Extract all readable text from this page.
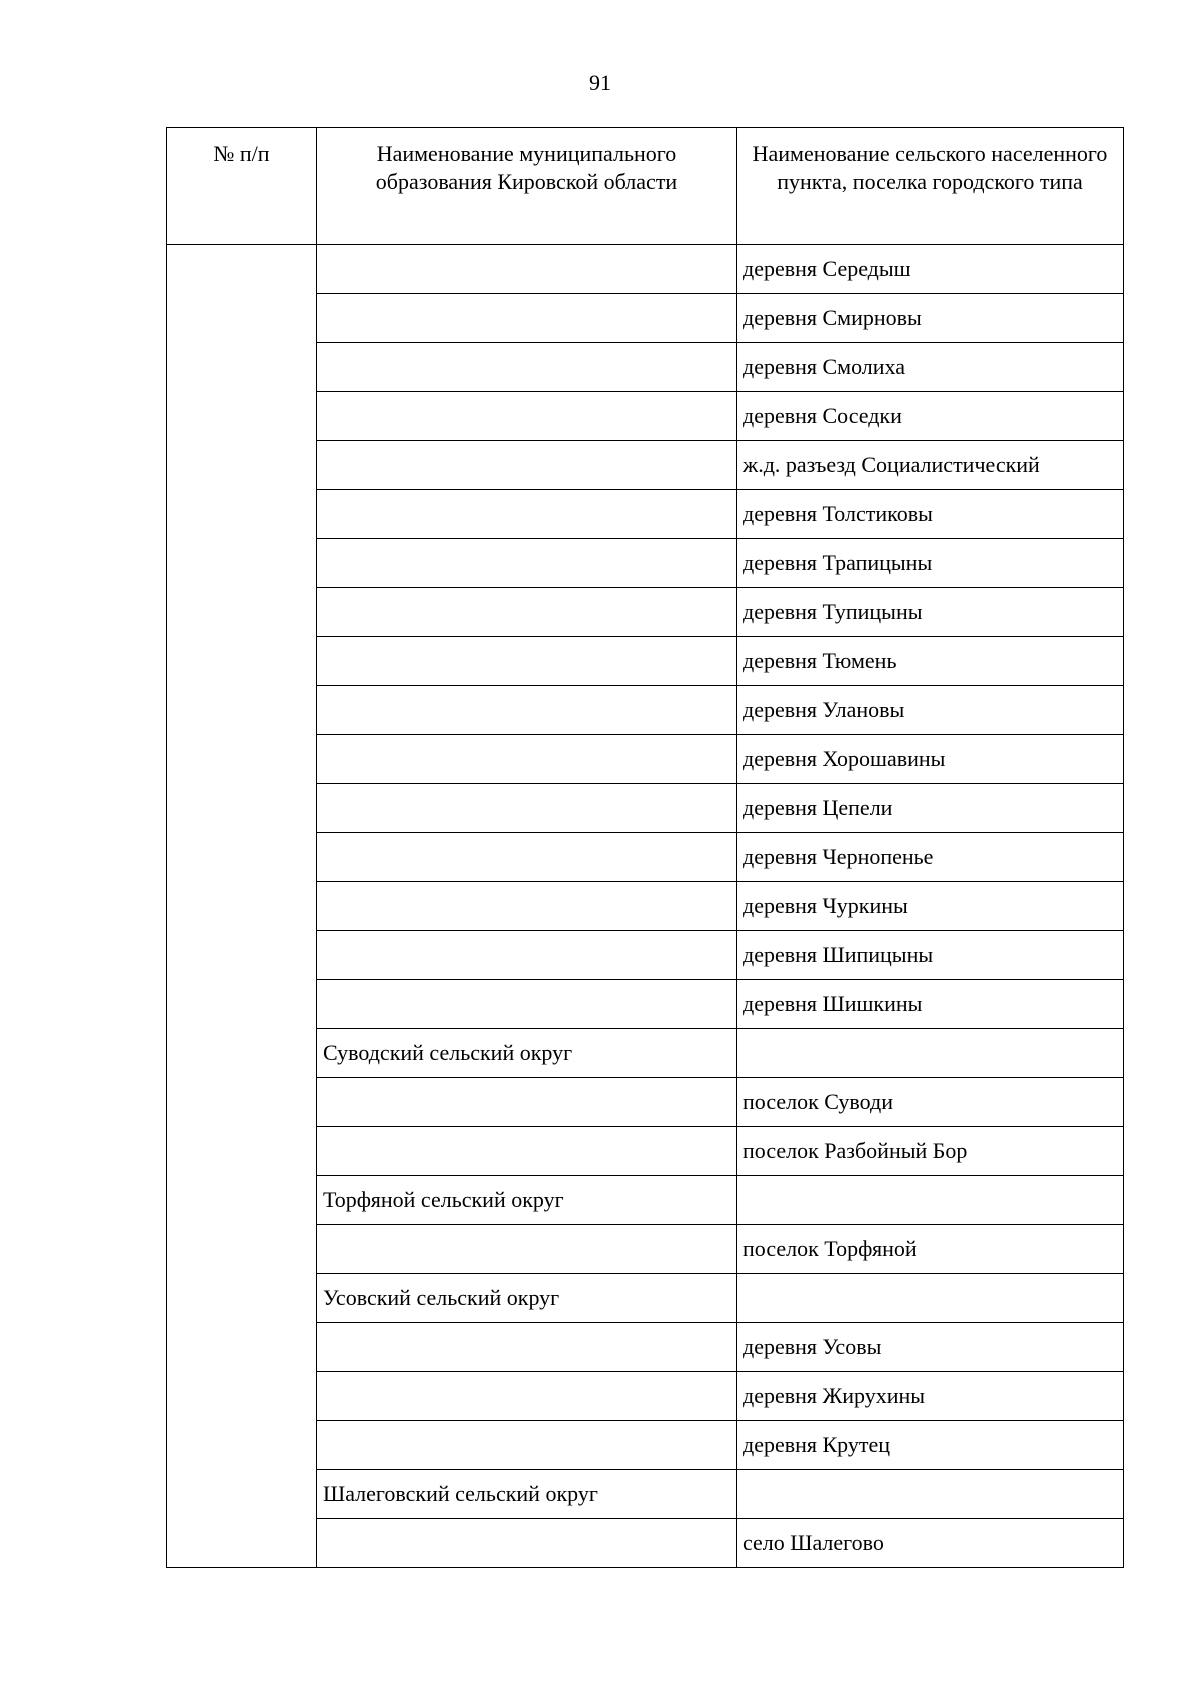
91
№ п/п	Наименование муниципального образования Кировской области	Наименование сельского населенного пункта, поселка городского типа
		деревня Середыш
		деревня Смирновы
		деревня Смолиха
		деревня Соседки
		ж.д. разъезд Социалистический
		деревня Толстиковы
		деревня Трапицыны
		деревня Тупицыны
		деревня Тюмень
		деревня Улановы
		деревня Хорошавины
		деревня Цепели
		деревня Чернопенье
		деревня Чуркины
		деревня Шипицыны
		деревня Шишкины
	Суводский сельский округ	
		поселок Суводи
		поселок Разбойный Бор
	Торфяной сельский округ	
		поселок Торфяной
	Усовский сельский округ	
		деревня Усовы
		деревня Жирухины
		деревня Крутец
	Шалеговский сельский округ	
		село Шалегово
